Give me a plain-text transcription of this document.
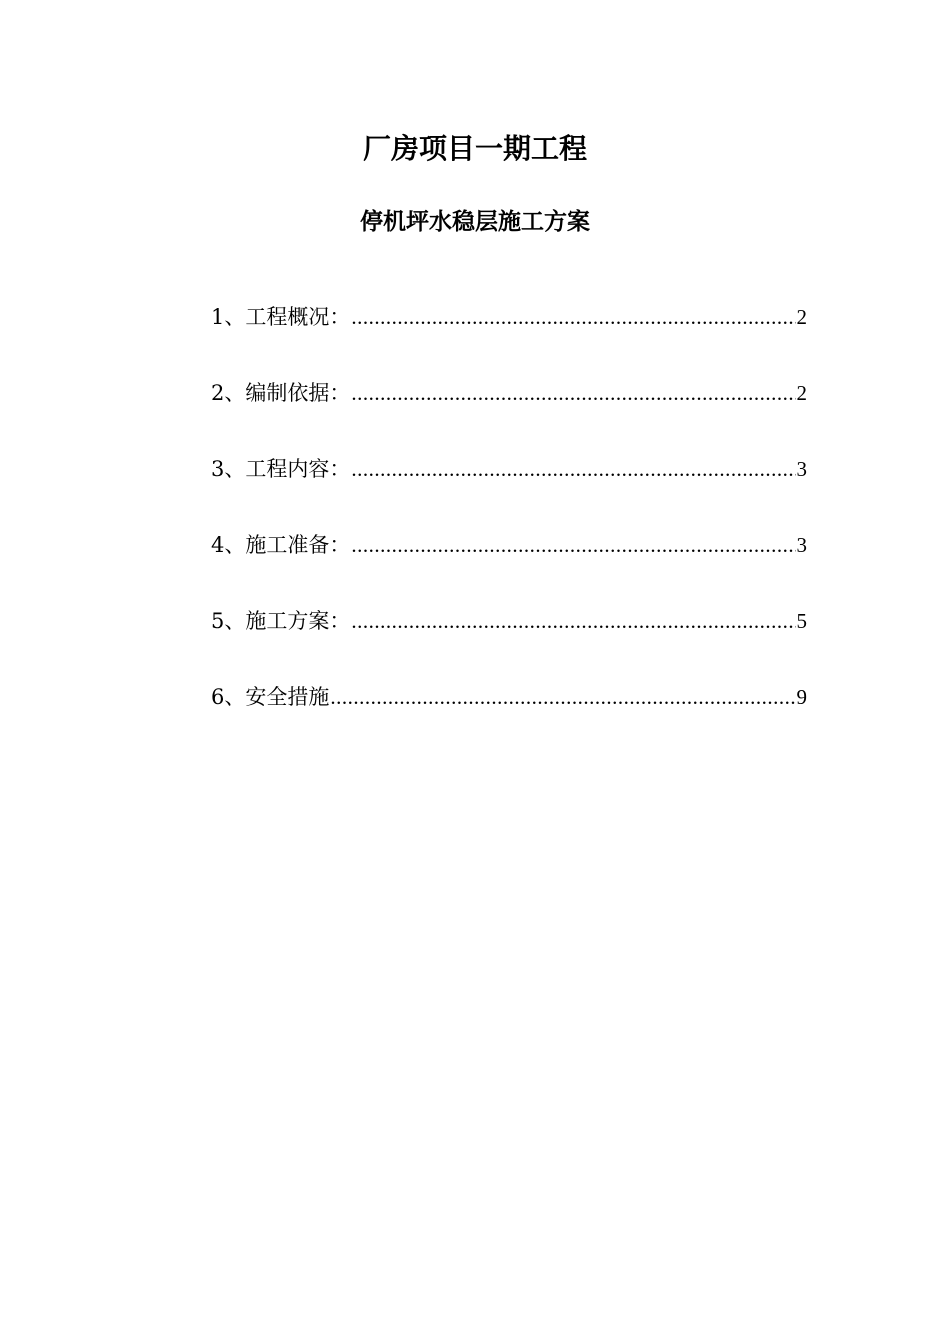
厂房项目一期工程
停机坪水稳层施工方案
1、工程概况： .....	2
2、编制依据： .....	2
3、工程内容： .....	3
4、施工准备： .....	3
5、施工方案： .....	5
6、安全措施 .....	9
